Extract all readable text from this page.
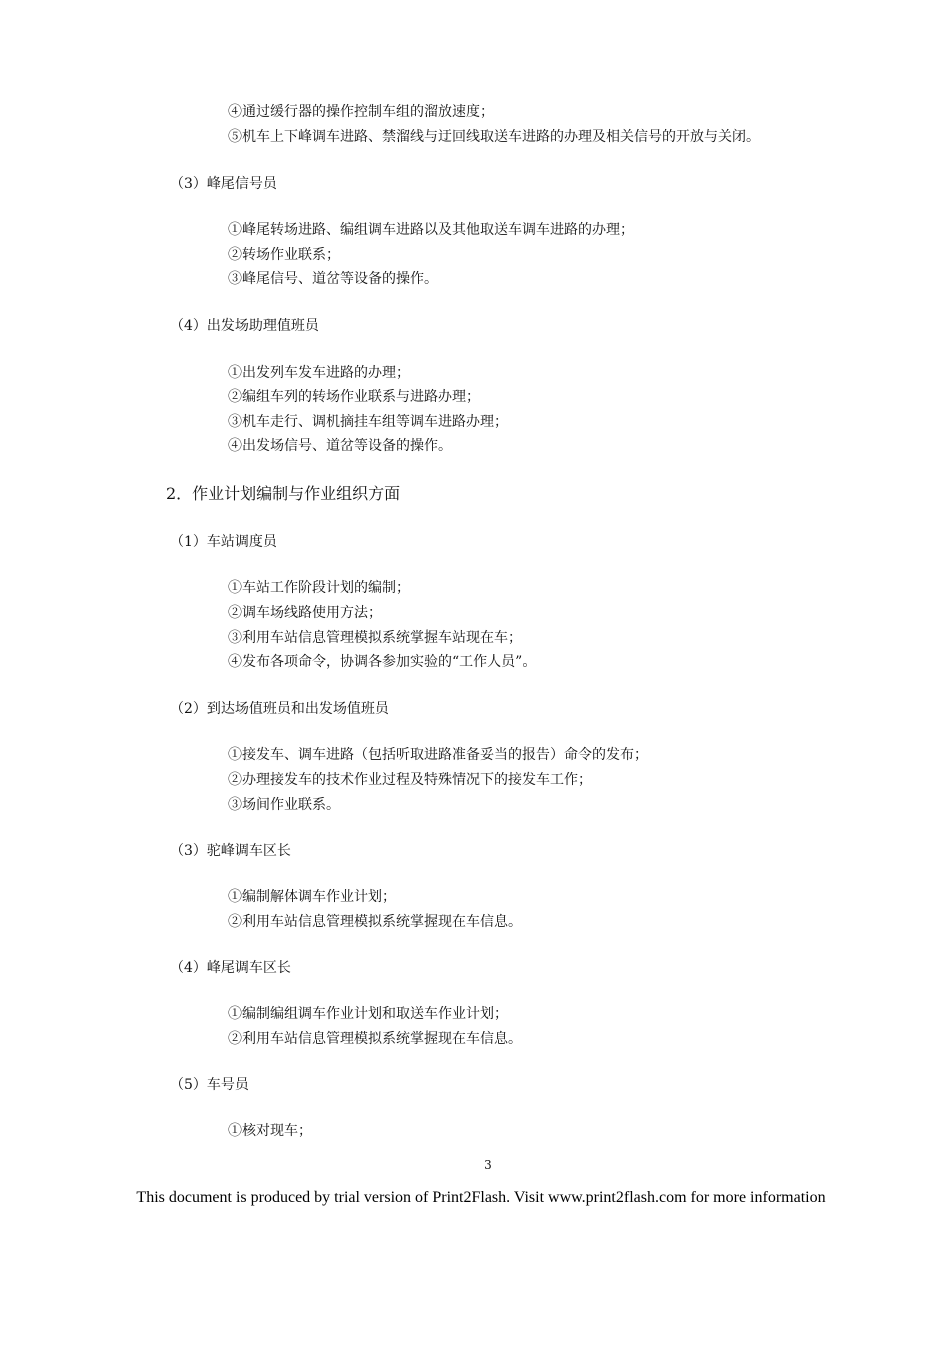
④通过缓行器的操作控制车组的溜放速度；
⑤机车上下峰调车进路、禁溜线与迂回线取送车进路的办理及相关信号的开放与关闭。
（3）峰尾信号员
①峰尾转场进路、编组调车进路以及其他取送车调车进路的办理；
②转场作业联系；
③峰尾信号、道岔等设备的操作。
（4）出发场助理值班员
①出发列车发车进路的办理；
②编组车列的转场作业联系与进路办理；
③机车走行、调机摘挂车组等调车进路办理；
④出发场信号、道岔等设备的操作。
2．作业计划编制与作业组织方面
（1）车站调度员
①车站工作阶段计划的编制；
②调车场线路使用方法；
③利用车站信息管理模拟系统掌握车站现在车；
④发布各项命令，协调各参加实验的“工作人员”。
（2）到达场值班员和出发场值班员
①接发车、调车进路（包括听取进路准备妥当的报告）命令的发布；
②办理接发车的技术作业过程及特殊情况下的接发车工作；
③场间作业联系。
（3）驼峰调车区长
①编制解体调车作业计划；
②利用车站信息管理模拟系统掌握现在车信息。
（4）峰尾调车区长
①编制编组调车作业计划和取送车作业计划；
②利用车站信息管理模拟系统掌握现在车信息。
（5）车号员
①核对现车；
3
This document is produced by trial version of Print2Flash. Visit www.print2flash.com for more information
